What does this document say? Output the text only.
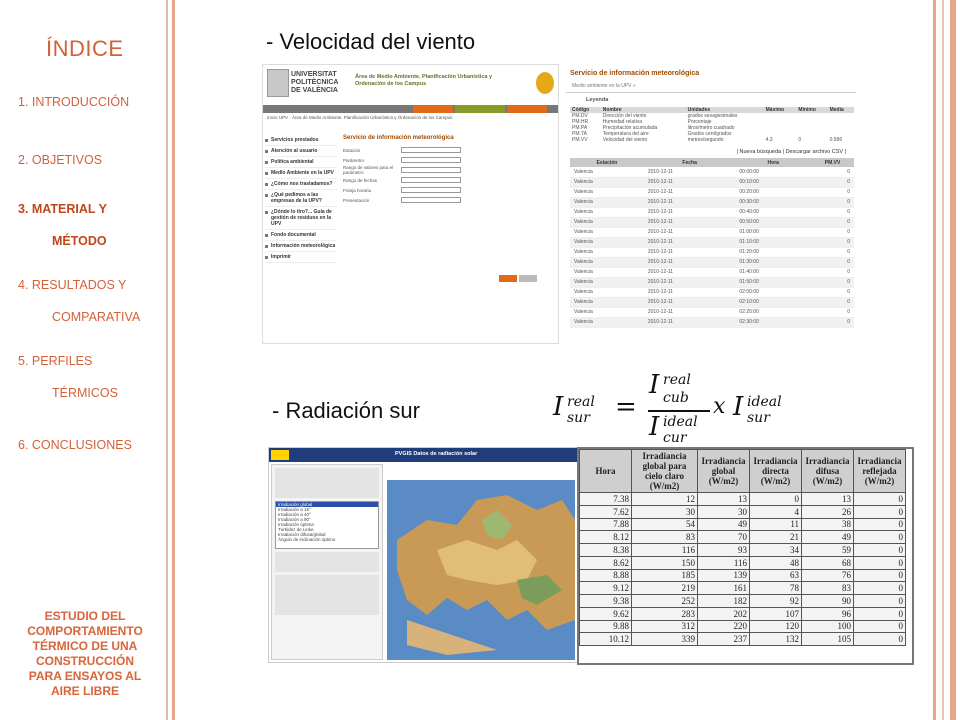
ÍNDICE
1. INTRODUCCIÓN
2. OBJETIVOS
3. MATERIAL Y
MÉTODO
4. RESULTADOS Y
COMPARATIVA
5. PERFILES
TÉRMICOS
6. CONCLUSIONES
ESTUDIO DEL
COMPORTAMIENTO
TÉRMICO DE UNA
CONSTRUCCIÓN
PARA ENSAYOS AL
AIRE LIBRE
- Velocidad del viento
- Radiación sur
UNIVERSITAT
POLITÈCNICA
DE VALÈNCIA
Área de Medio Ambiente, Planificación Urbanística y Ordenación de los Campus
Inicio UPV · Área de Medio Ambiente, Planificación Urbanística y Ordenación de los Campus
Servicios prestados
Atención al usuario
Política ambiental
Medio Ambiente en la UPV
¿Cómo nos trasladamos?
¿Qué pedimos a las empresas de la UPV?
¿Dónde lo tiro?... Guía de gestión de residuos en la UPV
Fondo documental
Información meteorológica
Imprimir
Servicio de información meteorológica
Estación
Parámetro
Rango de valores para el parámetro
Rango de fechas
Franja horaria
Presentación
Servicio de información meteorológica
Medio ambiente en la UPV »
Leyenda
Código	Nombre	Unidades	Máximo	Mínimo	Media
PM.DV	Dirección del viento	grados sexagesimales			
PM.HR	Humedad relativa	Porcentaje			
PM.PA	Precipitación acumulada	litros/metro cuadrado			
PM.TA	Temperatura del aire	Grados centígrados			
PM.VV	Velocidad del viento	metros/segundo	4.3	0	0.586
| Nueva búsqueda | Descargar archivo CSV |
Estación	Fecha	Hora	PM.VV
Valencia	2010-12-11	00:00:00	0
Valencia	2010-12-11	00:10:00	0
Valencia	2010-12-11	00:20:00	0
Valencia	2010-12-11	00:30:00	0
Valencia	2010-12-11	00:40:00	0
Valencia	2010-12-11	00:50:00	0
Valencia	2010-12-11	01:00:00	0
Valencia	2010-12-11	01:10:00	0
Valencia	2010-12-11	01:20:00	0
Valencia	2010-12-11	01:30:00	0
Valencia	2010-12-11	01:40:00	0
Valencia	2010-12-11	01:50:00	0
Valencia	2010-12-11	02:00:00	0
Valencia	2010-12-11	02:10:00	0
Valencia	2010-12-11	02:20:00	0
Valencia	2010-12-11	02:30:00	0
I real
sur =
I real
cub
I ideal
cur
x I ideal
sur
PVGIS Datos de radiación solar
Irradiación global
Irradiación a 15°
Irradiación a 40°
Irradiación a 90°
Irradiación óptima
Turbidez de Linke
Irradiación difusa/global
Ángulo de inclinación óptimo
Hora	Irradiancia global para cielo claro (W/m2)	Irradiancia global (W/m2)	Irradiancia directa (W/m2)	Irradiancia difusa (W/m2)	Irradiancia reflejada (W/m2)
7.38	12	13	0	13	0
7.62	30	30	4	26	0
7.88	54	49	11	38	0
8.12	83	70	21	49	0
8.38	116	93	34	59	0
8.62	150	116	48	68	0
8.88	185	139	63	76	0
9.12	219	161	78	83	0
9.38	252	182	92	90	0
9.62	283	202	107	96	0
9.88	312	220	120	100	0
10.12	339	237	132	105	0
